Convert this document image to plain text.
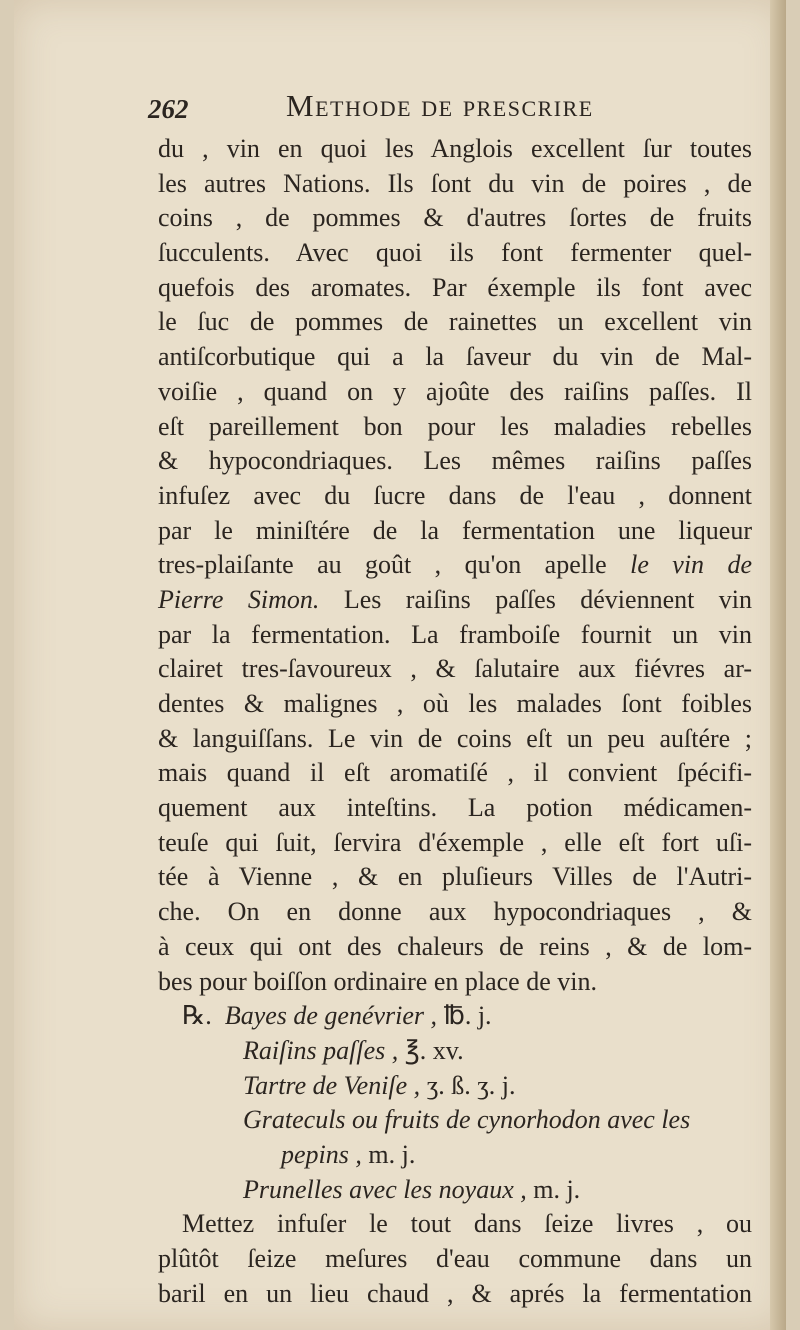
262	Methode de prescrire
du , vin en quoi les Anglois excellent ſur toutes
les autres Nations. Ils ſont du vin de poires , de
coins , de pommes & d'autres ſortes de fruits
ſucculents. Avec quoi ils font fermenter quel-
quefois des aromates. Par éxemple ils font avec
le ſuc de pommes de rainettes un excellent vin
antiſcorbutique qui a la ſaveur du vin de Mal-
voiſie , quand on y ajoûte des raiſins paſſes. Il
eſt pareillement bon pour les maladies rebelles
& hypocondriaques. Les mêmes raiſins paſſes
infuſez avec du ſucre dans de l'eau , donnent
par le miniſtére de la fermentation une liqueur
tres-plaiſante au goût , qu'on apelle le vin de
Pierre Simon. Les raiſins paſſes déviennent vin
par la fermentation. La framboiſe fournit un vin
clairet tres-ſavoureux , & ſalutaire aux fiévres ar-
dentes & malignes , où les malades ſont foibles
& languiſſans. Le vin de coins eſt un peu auſtére ;
mais quand il eſt aromatiſé , il convient ſpécifi-
quement aux inteſtins. La potion médicamen-
teuſe qui ſuit, ſervira d'éxemple , elle eſt fort uſi-
tée à Vienne , & en pluſieurs Villes de l'Autri-
che. On en donne aux hypocondriaques , &
à ceux qui ont des chaleurs de reins , & de lom-
bes pour boiſſon ordinaire en place de vin.
℞. Bayes de genévrier , ℔. j.
Raiſins paſſes , ℥. xv.
Tartre de Veniſe , ʒ. ß. ʒ. j.
Grateculs ou fruits de cynorhodon avec les
pepins , m. j.
Prunelles avec les noyaux , m. j.
Mettez infuſer le tout dans ſeize livres , ou
plûtôt ſeize meſures d'eau commune dans un
baril en un lieu chaud , & aprés la fermentation
